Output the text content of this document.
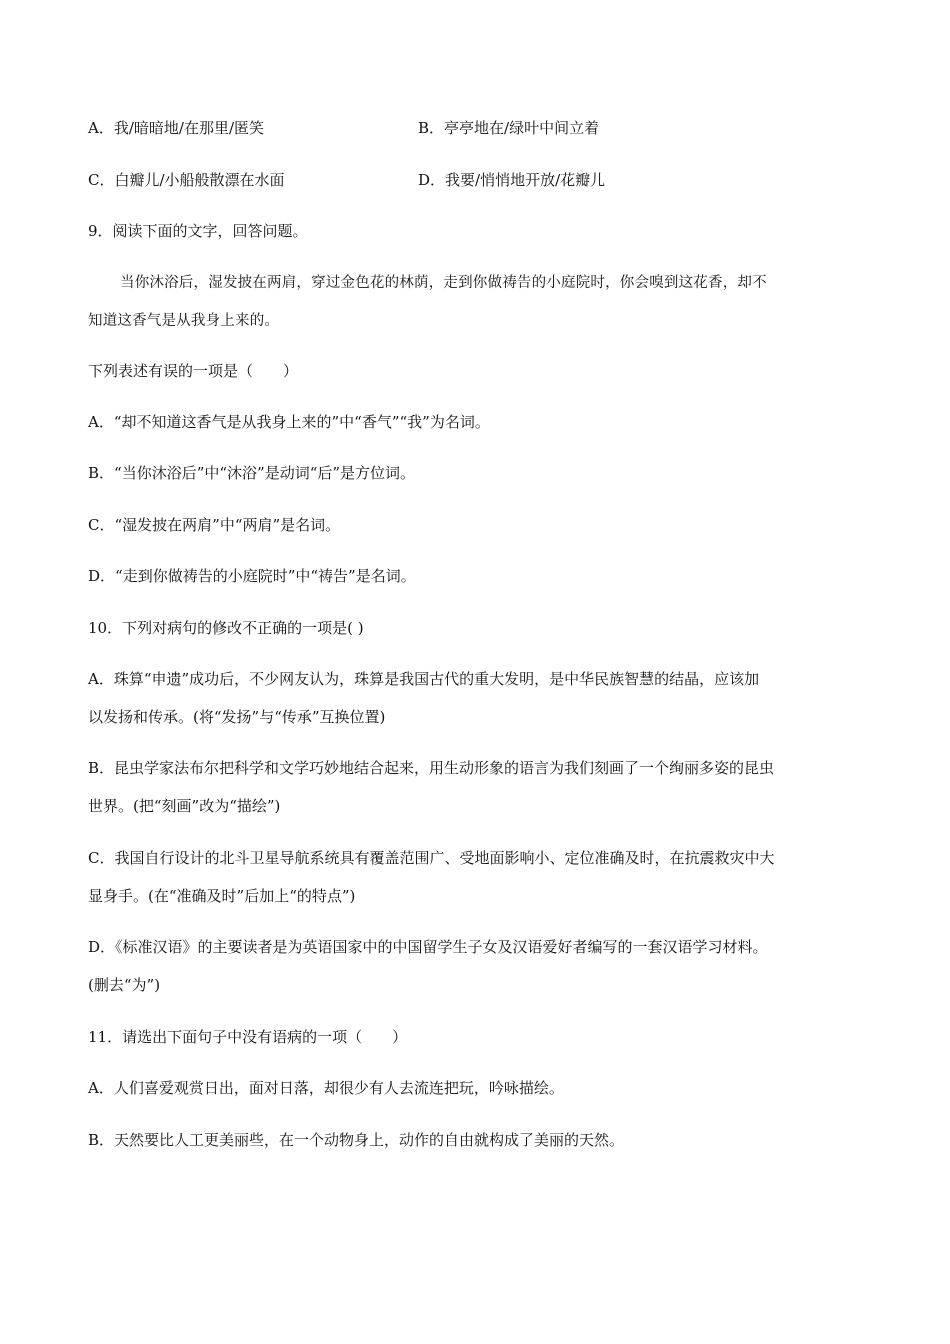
A．我/暗暗地/在那里/匿笑	B．亭亭地在/绿叶中间立着
C．白瓣儿/小船般散漂在水面	D．我要/悄悄地开放/花瓣儿
9．阅读下面的文字，回答问题。
当你沐浴后，湿发披在两肩，穿过金色花的林荫，走到你做祷告的小庭院时，你会嗅到这花香，却不
知道这香气是从我身上来的。
下列表述有误的一项是（　　）
A．“却不知道这香气是从我身上来的”中“香气”“我”为名词。
B．“当你沐浴后”中“沐浴”是动词“后”是方位词。
C．“湿发披在两肩”中“两肩”是名词。
D．“走到你做祷告的小庭院时”中“祷告”是名词。
10．下列对病句的修改不正确的一项是( )
A．珠算“申遗”成功后，不少网友认为，珠算是我国古代的重大发明，是中华民族智慧的结晶，应该加
以发扬和传承。(将“发扬”与“传承”互换位置)
B．昆虫学家法布尔把科学和文学巧妙地结合起来，用生动形象的语言为我们刻画了一个绚丽多姿的昆虫
世界。(把“刻画”改为“描绘”)
C．我国自行设计的北斗卫星导航系统具有覆盖范围广、受地面影响小、定位准确及时，在抗震救灾中大
显身手。(在“准确及时”后加上“的特点”)
D．《标准汉语》的主要读者是为英语国家中的中国留学生子女及汉语爱好者编写的一套汉语学习材料。
(删去“为”)
11．请选出下面句子中没有语病的一项（　　）
A．人们喜爱观赏日出，面对日落，却很少有人去流连把玩，吟咏描绘。
B．天然要比人工更美丽些，在一个动物身上，动作的自由就构成了美丽的天然。
